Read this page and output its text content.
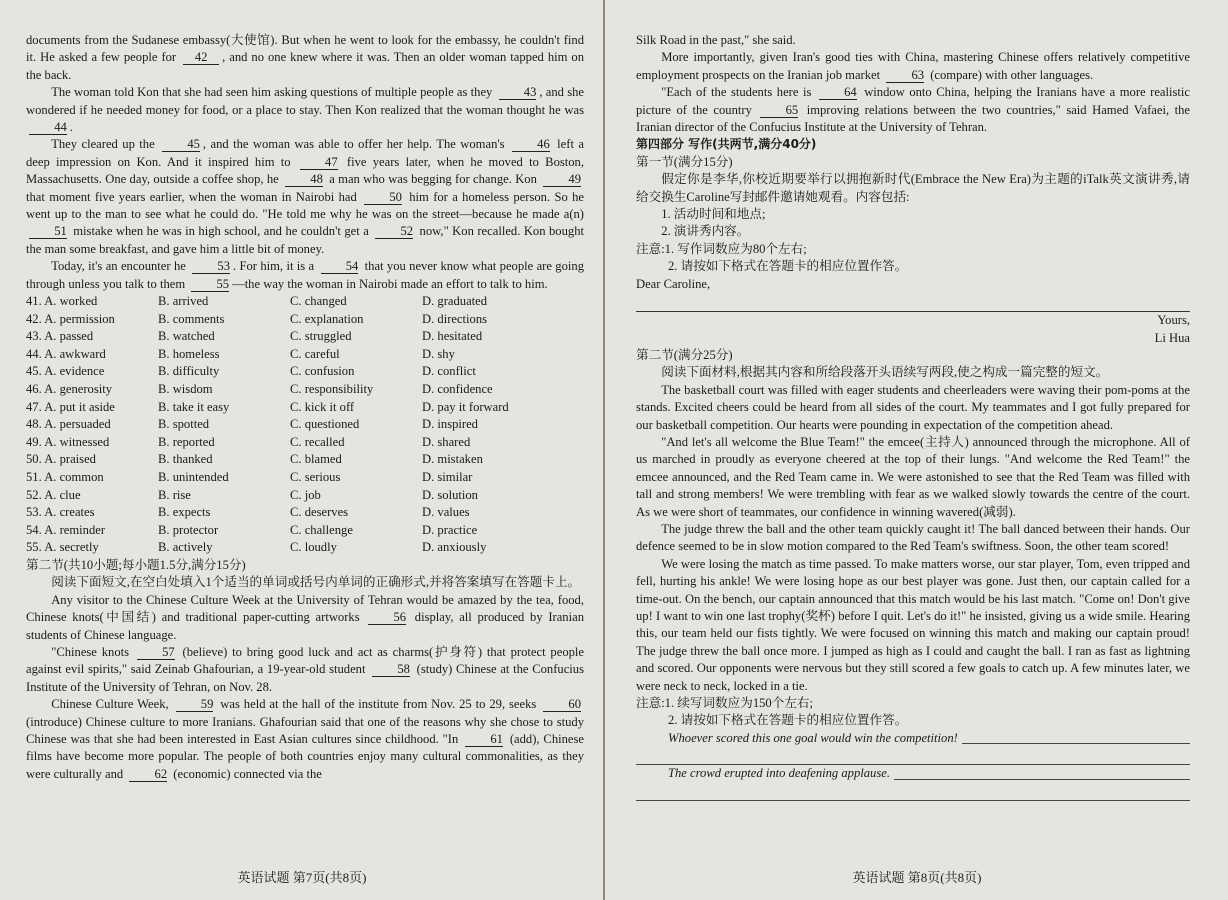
documents from the Sudanese embassy(大使馆). But when he went to look for the embassy, he couldn't find it. He asked a few people for 42 , and no one knew where it was. Then an older woman tapped him on the back.

The woman told Kon that she had seen him asking questions of multiple people as they 43 , and she wondered if he needed money for food, or a place to stay. Then Kon realized that the woman thought he was 44 .

They cleared up the 45 , and the woman was able to offer her help. The woman's 46 left a deep impression on Kon. And it inspired him to 47 five years later, when he moved to Boston, Massachusetts. One day, outside a coffee shop, he 48 a man who was begging for change. Kon 49 that moment five years earlier, when the woman in Nairobi had 50 him for a homeless person. So he went up to the man to see what he could do. "He told me why he was on the street—because he made a(n) 51 mistake when he was in high school, and he couldn't get a 52 now," Kon recalled. Kon bought the man some breakfast, and gave him a little bit of money.

Today, it's an encounter he 53 . For him, it is a 54 that you never know what people are going through unless you talk to them 55 —the way the woman in Nairobi made an effort to talk to him.

41. A. worked	B. arrived	C. changed	D. graduated
42. A. permission	B. comments	C. explanation	D. directions
43. A. passed	B. watched	C. struggled	D. hesitated
44. A. awkward	B. homeless	C. careful	D. shy
45. A. evidence	B. difficulty	C. confusion	D. conflict
46. A. generosity	B. wisdom	C. responsibility	D. confidence
47. A. put it aside	B. take it easy	C. kick it off	D. pay it forward
48. A. persuaded	B. spotted	C. questioned	D. inspired
49. A. witnessed	B. reported	C. recalled	D. shared
50. A. praised	B. thanked	C. blamed	D. mistaken
51. A. common	B. unintended	C. serious	D. similar
52. A. clue	B. rise	C. job	D. solution
53. A. creates	B. expects	C. deserves	D. values
54. A. reminder	B. protector	C. challenge	D. practice
55. A. secretly	B. actively	C. loudly	D. anxiously

第二节(共10小题;每小题1.5分,满分15分)

阅读下面短文,在空白处填入1个适当的单词或括号内单词的正确形式,并将答案填写在答题卡上。

Any visitor to the Chinese Culture Week at the University of Tehran would be amazed by the tea, food, Chinese knots(中国结) and traditional paper-cutting artworks 56 display, all produced by Iranian students of Chinese language.

"Chinese knots 57 (believe) to bring good luck and act as charms(护身符) that protect people against evil spirits," said Zeinab Ghafourian, a 19-year-old student 58 (study) Chinese at the Confucius Institute of the University of Tehran, on Nov. 28.

Chinese Culture Week, 59 was held at the hall of the institute from Nov. 25 to 29, seeks 60 (introduce) Chinese culture to more Iranians. Ghafourian said that one of the reasons why she chose to study Chinese was that she had been interested in East Asian cultures since childhood. "In 61 (add), Chinese films have become more popular. The people of both countries enjoy many cultural commonalities, as they were culturally and 62 (economic) connected via the

英语试题 第7页(共8页)

Silk Road in the past," she said.

More importantly, given Iran's good ties with China, mastering Chinese offers relatively competitive employment prospects on the Iranian job market 63 (compare) with other languages.

"Each of the students here is 64 window onto China, helping the Iranians have a more realistic picture of the country 65 improving relations between the two countries," said Hamed Vafaei, the Iranian director of the Confucius Institute at the University of Tehran.

第四部分 写作(共两节,满分40分)

第一节(满分15分)

假定你是李华,你校近期要举行以拥抱新时代(Embrace the New Era)为主题的iTalk英文演讲秀,请给交换生Caroline写封邮件邀请她观看。内容包括:

1. 活动时间和地点;

2. 演讲秀内容。

注意:1. 写作词数应为80个左右;
2. 请按如下格式在答题卡的相应位置作答。

Dear Caroline,

Yours,
Li Hua

第二节(满分25分)

阅读下面材料,根据其内容和所给段落开头语续写两段,使之构成一篇完整的短文。

The basketball court was filled with eager students and cheerleaders were waving their pom-poms at the stands. Excited cheers could be heard from all sides of the court. My teammates and I got fully prepared for our basketball competition. Our hearts were pounding in expectation of the competition ahead.

"And let's all welcome the Blue Team!" the emcee(主持人) announced through the microphone. All of us marched in proudly as everyone cheered at the top of their lungs. "And welcome the Red Team!" the emcee announced, and the Red Team came in. We were astonished to see that the Red Team was filled with tall and strong members! We were trembling with fear as we walked slowly towards the centre of the court. As we were short of teammates, our confidence in winning wavered(减弱).

The judge threw the ball and the other team quickly caught it! The ball danced between their hands. Our defence seemed to be in slow motion compared to the Red Team's swiftness. Soon, the other team scored!

We were losing the match as time passed. To make matters worse, our star player, Tom, even tripped and fell, hurting his ankle! We were losing hope as our best player was gone. Just then, our captain called for a time-out. On the bench, our captain announced that this match would be his last match. "Come on! Don't give up! I want to win one last trophy(奖杯) before I quit. Let's do it!" he insisted, giving us a wide smile. Hearing this, our team held our fists tightly. We were focused on winning this match and making our captain proud! The judge threw the ball once more. I jumped as high as I could and caught the ball. I ran as fast as lightning and scored. Our opponents were nervous but they still scored a few goals to catch up. A few minutes later, we were neck to neck, locked in a tie.

注意:1. 续写词数应为150个左右;
2. 请按如下格式在答题卡的相应位置作答。
Whoever scored this one goal would win the competition!
The crowd erupted into deafening applause.
英语试题 第8页(共8页)
